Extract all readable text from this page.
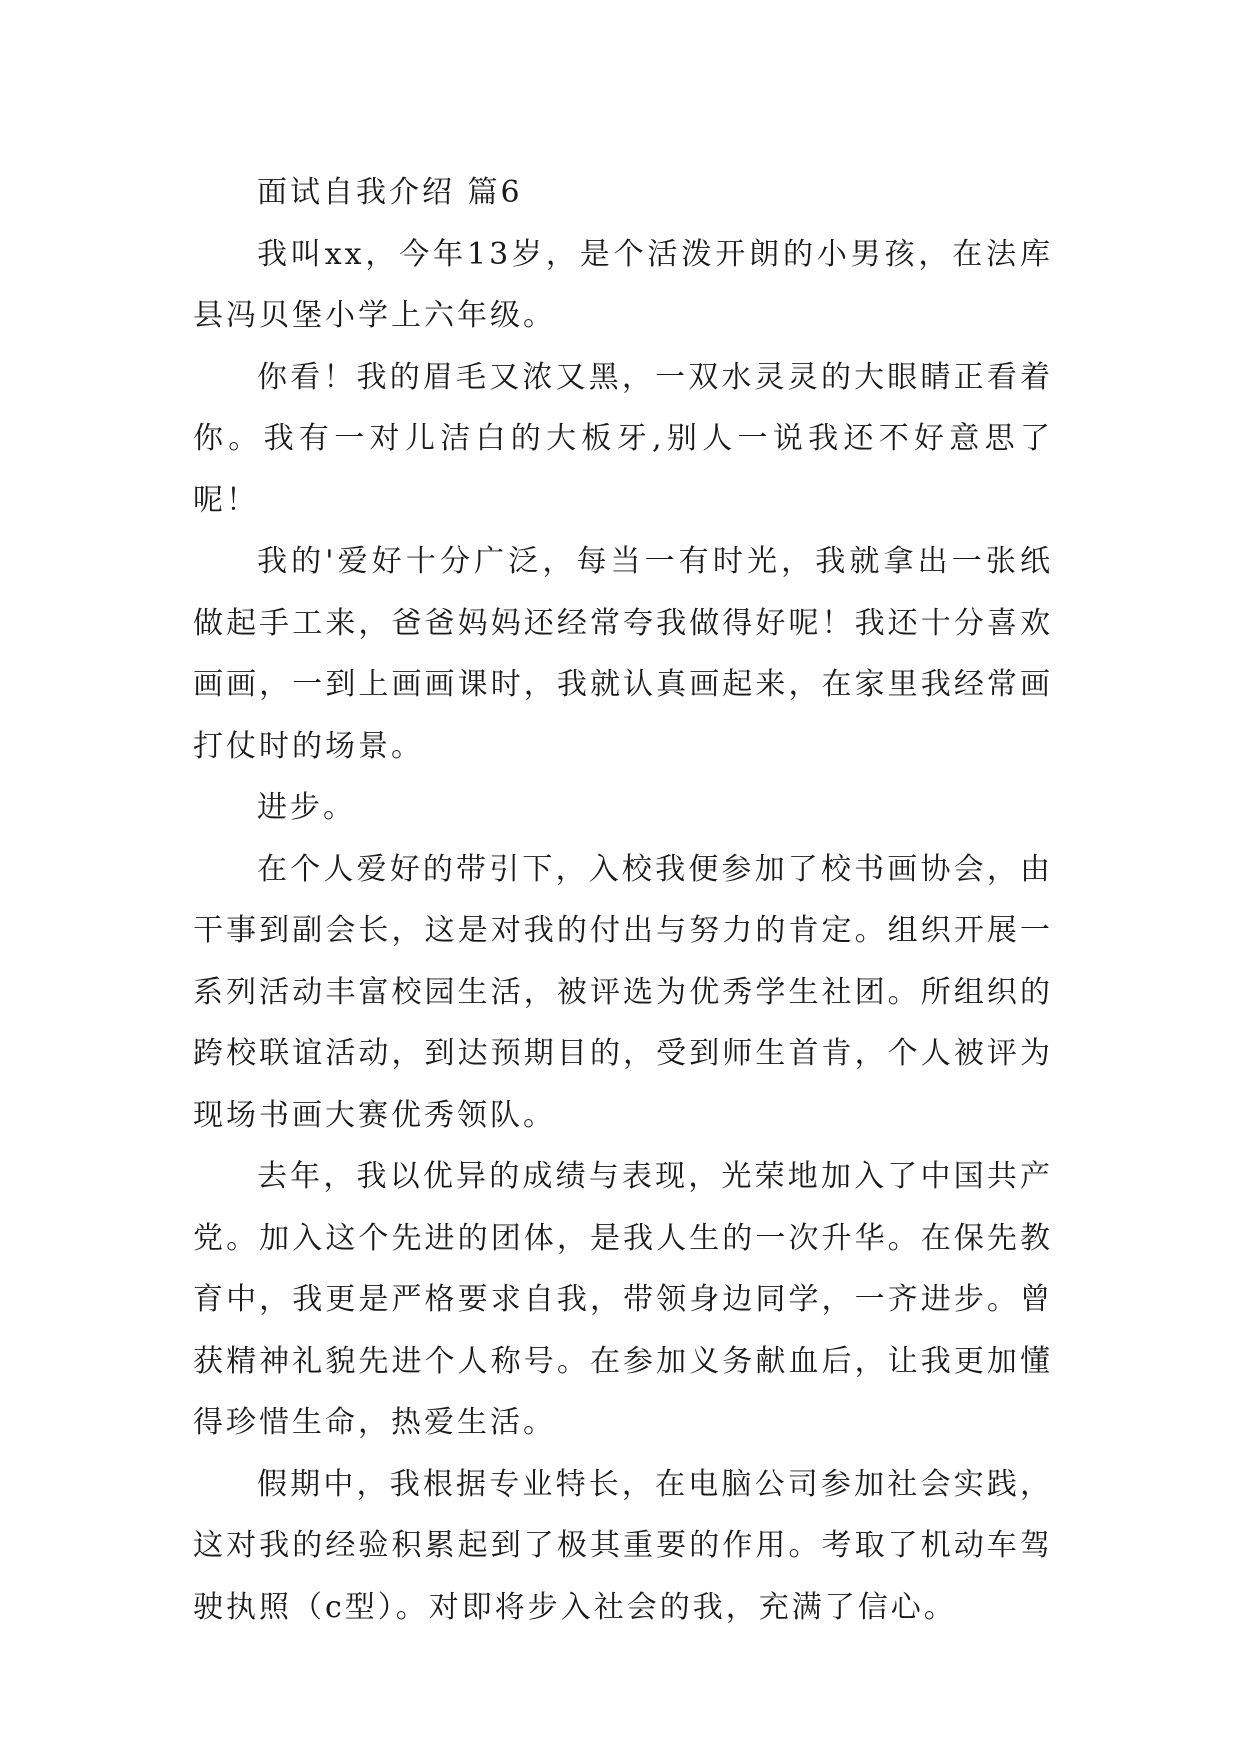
面试自我介绍 篇6

我叫xx，今年13岁，是个活泼开朗的小男孩，在法库县冯贝堡小学上六年级。

你看！我的眉毛又浓又黑，一双水灵灵的大眼睛正看着你。我有一对儿洁白的大板牙,别人一说我还不好意思了呢！

我的'爱好十分广泛，每当一有时光，我就拿出一张纸做起手工来，爸爸妈妈还经常夸我做得好呢！我还十分喜欢画画，一到上画画课时，我就认真画起来，在家里我经常画打仗时的场景。

进步。

在个人爱好的带引下，入校我便参加了校书画协会，由干事到副会长，这是对我的付出与努力的肯定。组织开展一系列活动丰富校园生活，被评选为优秀学生社团。所组织的跨校联谊活动，到达预期目的，受到师生首肯，个人被评为现场书画大赛优秀领队。

去年，我以优异的成绩与表现，光荣地加入了中国共产党。加入这个先进的团体，是我人生的一次升华。在保先教育中，我更是严格要求自我，带领身边同学，一齐进步。曾获精神礼貌先进个人称号。在参加义务献血后，让我更加懂得珍惜生命，热爱生活。

假期中，我根据专业特长，在电脑公司参加社会实践，这对我的经验积累起到了极其重要的作用。考取了机动车驾驶执照（c型）。对即将步入社会的我，充满了信心。
